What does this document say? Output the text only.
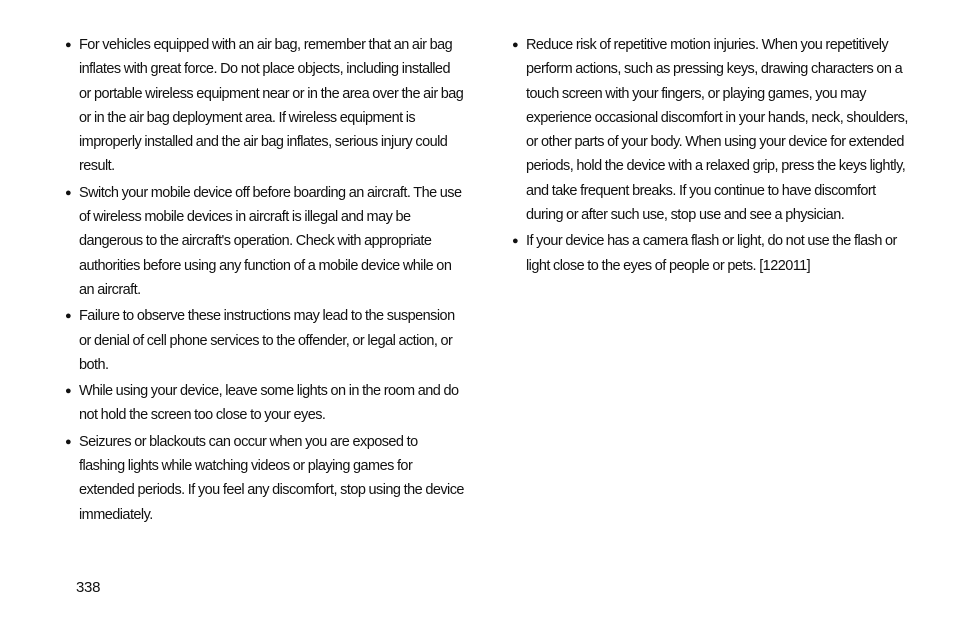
● For vehicles equipped with an air bag, remember that an air bag inflates with great force. Do not place objects, including installed or portable wireless equipment near or in the area over the air bag or in the air bag deployment area. If wireless equipment is improperly installed and the air bag inflates, serious injury could result.
● Switch your mobile device off before boarding an aircraft. The use of wireless mobile devices in aircraft is illegal and may be dangerous to the aircraft's operation. Check with appropriate authorities before using any function of a mobile device while on an aircraft.
● Failure to observe these instructions may lead to the suspension or denial of cell phone services to the offender, or legal action, or both.
● While using your device, leave some lights on in the room and do not hold the screen too close to your eyes.
● Seizures or blackouts can occur when you are exposed to flashing lights while watching videos or playing games for extended periods. If you feel any discomfort, stop using the device immediately.
● Reduce risk of repetitive motion injuries. When you repetitively perform actions, such as pressing keys, drawing characters on a touch screen with your fingers, or playing games, you may experience occasional discomfort in your hands, neck, shoulders, or other parts of your body. When using your device for extended periods, hold the device with a relaxed grip, press the keys lightly, and take frequent breaks. If you continue to have discomfort during or after such use, stop use and see a physician.
● If your device has a camera flash or light, do not use the flash or light close to the eyes of people or pets. [122011]
338
